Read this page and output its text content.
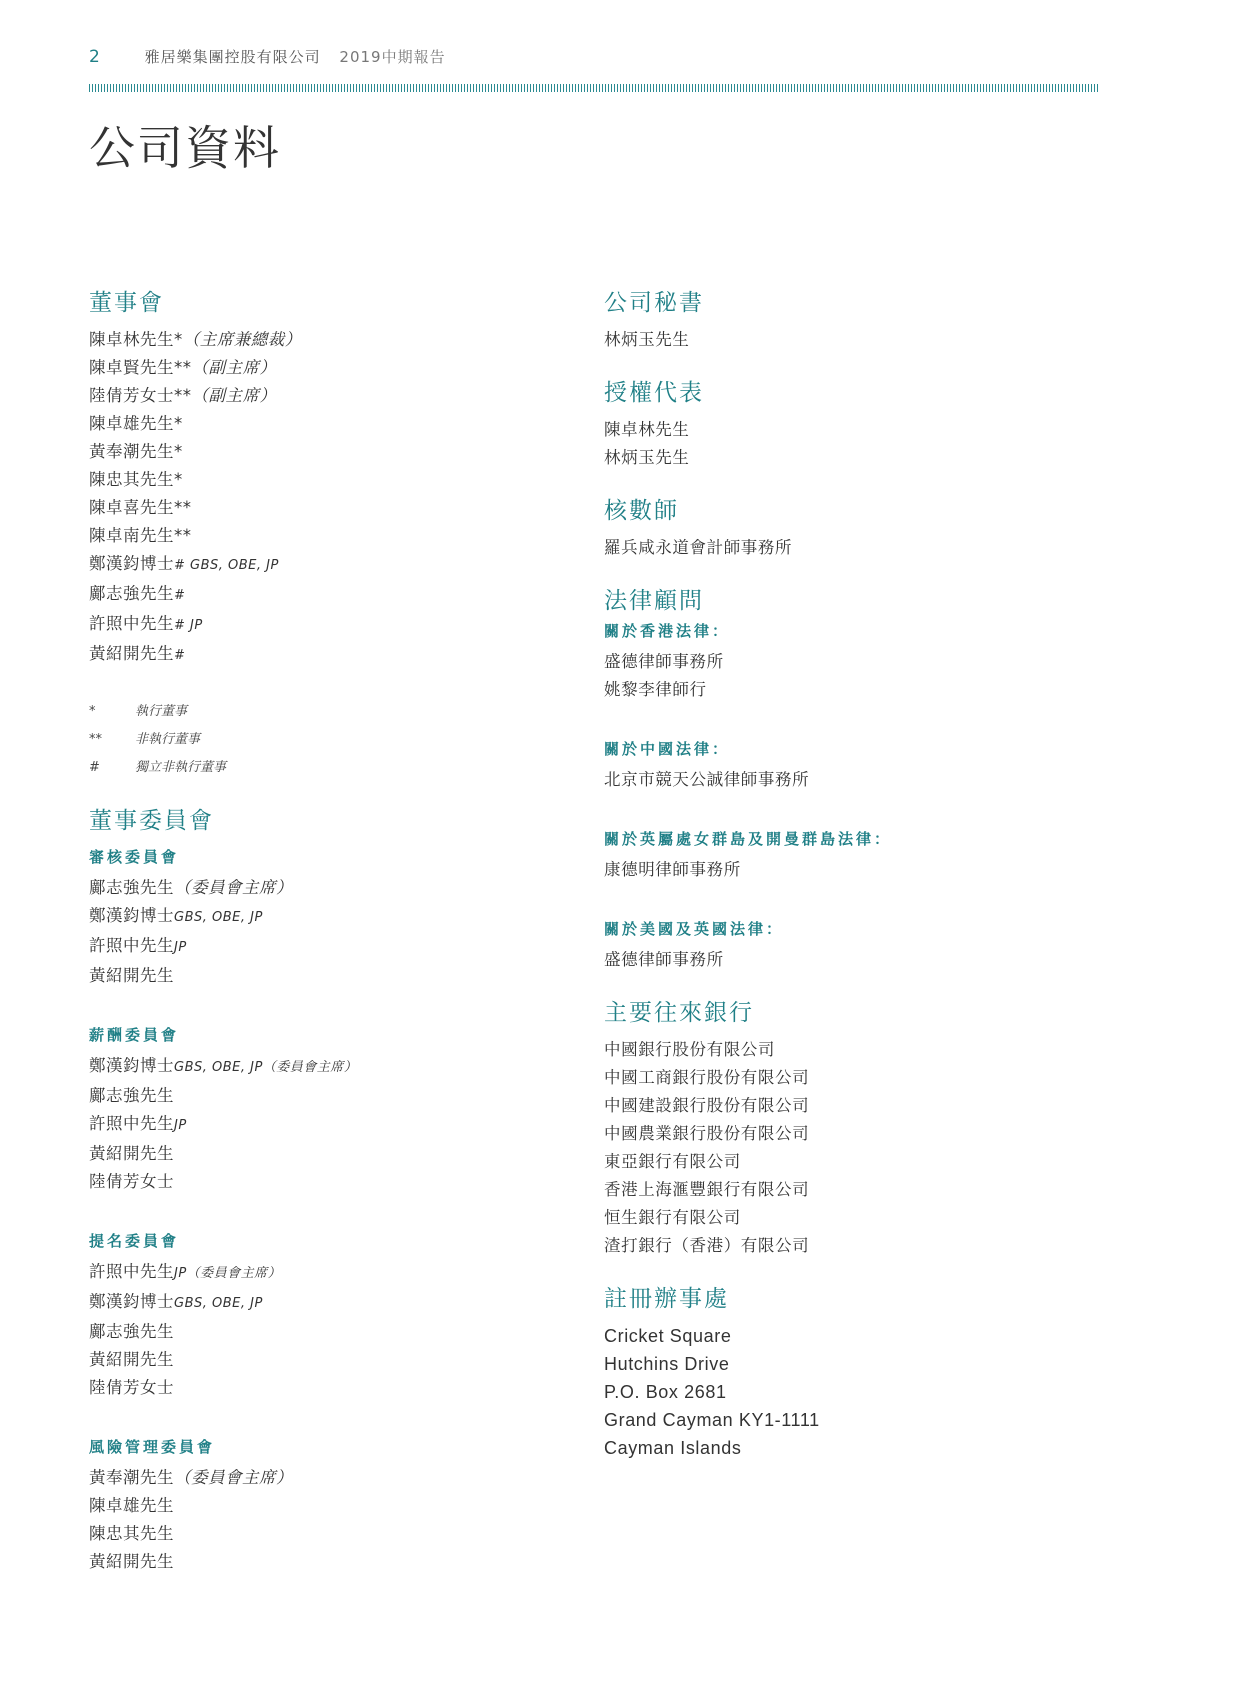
2	雅居樂集團控股有限公司 2019中期報告
公司資料
董事會
陳卓林先生*（主席兼總裁）
陳卓賢先生**（副主席）
陸倩芳女士**（副主席）
陳卓雄先生*
黃奉潮先生*
陳忠其先生*
陳卓喜先生**
陳卓南先生**
鄭漢鈞博士# GBS, OBE, JP
鄺志強先生#
許照中先生# JP
黃紹開先生#
*	執行董事
**	非執行董事
#	獨立非執行董事
董事委員會
審核委員會
鄺志強先生（委員會主席）
鄭漢鈞博士GBS, OBE, JP
許照中先生JP
黃紹開先生
薪酬委員會
鄭漢鈞博士GBS, OBE, JP（委員會主席）
鄺志強先生
許照中先生JP
黃紹開先生
陸倩芳女士
提名委員會
許照中先生JP（委員會主席）
鄭漢鈞博士GBS, OBE, JP
鄺志強先生
黃紹開先生
陸倩芳女士
風險管理委員會
黃奉潮先生（委員會主席）
陳卓雄先生
陳忠其先生
黃紹開先生
公司秘書
林炳玉先生
授權代表
陳卓林先生
林炳玉先生
核數師
羅兵咸永道會計師事務所
法律顧問
關於香港法律：
盛德律師事務所
姚黎李律師行
關於中國法律：
北京市競天公誠律師事務所
關於英屬處女群島及開曼群島法律：
康德明律師事務所
關於美國及英國法律：
盛德律師事務所
主要往來銀行
中國銀行股份有限公司
中國工商銀行股份有限公司
中國建設銀行股份有限公司
中國農業銀行股份有限公司
東亞銀行有限公司
香港上海滙豐銀行有限公司
恒生銀行有限公司
渣打銀行（香港）有限公司
註冊辦事處
Cricket Square
Hutchins Drive
P.O. Box 2681
Grand Cayman KY1-1111
Cayman Islands
